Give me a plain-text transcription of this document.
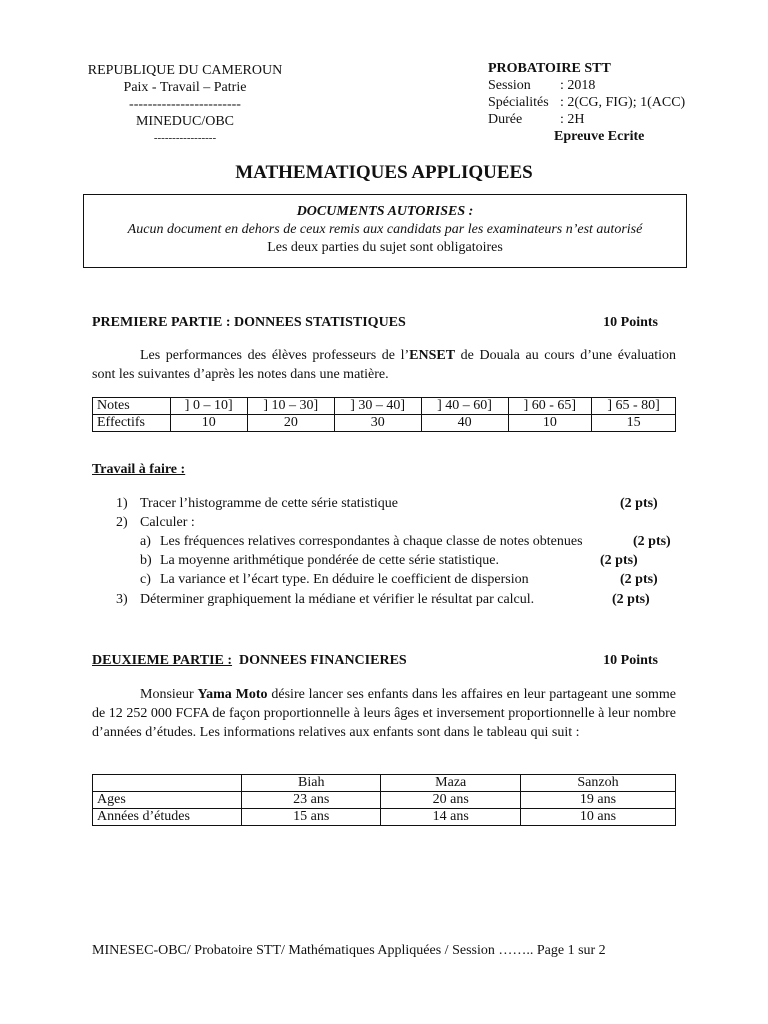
REPUBLIQUE DU CAMEROUN
Paix - Travail – Patrie
------------------------
MINEDUC/OBC
-----------------
PROBATOIRE STT
Session	: 2018
Spécialités : 2(CG, FIG); 1(ACC)
Durée	: 2H
Epreuve Ecrite
MATHEMATIQUES APPLIQUEES
DOCUMENTS AUTORISES :
Aucun document en dehors de ceux remis aux candidats par les examinateurs n’est autorisé
Les deux parties du sujet sont obligatoires
PREMIERE PARTIE : DONNEES STATISTIQUES	10 Points
Les performances des élèves professeurs de l’ENSET de Douala au cours d’une évaluation sont les suivantes d’après les notes dans une matière.
Notes	] 0 – 10]	] 10 – 30]	] 30 – 40]	] 40 – 60]	] 60 - 65]	] 65 - 80]
Effectifs	10	20	30	40	10	15
Travail à faire :
1) Tracer l’histogramme de cette série statistique	(2 pts)
2) Calculer :
a) Les fréquences relatives correspondantes à chaque classe de notes obtenues	(2 pts)
b) La moyenne arithmétique pondérée de cette série statistique.	(2 pts)
c) La variance et l’écart type. En déduire le coefficient de dispersion	(2 pts)
3) Déterminer graphiquement la médiane et vérifier le résultat par calcul.	(2 pts)
DEUXIEME PARTIE : DONNEES FINANCIERES	10 Points
Monsieur Yama Moto désire lancer ses enfants dans les affaires en leur partageant une somme de 12 252 000 FCFA de façon proportionnelle à leurs âges et inversement proportionnelle à leur nombre d’années d’études. Les informations relatives aux enfants sont dans le tableau qui suit :
	Biah	Maza	Sanzoh
Ages	23 ans	20 ans	19 ans
Années d’études	15 ans	14 ans	10 ans
MINESEC-OBC/ Probatoire STT/ Mathématiques Appliquées / Session …….. Page 1 sur 2
